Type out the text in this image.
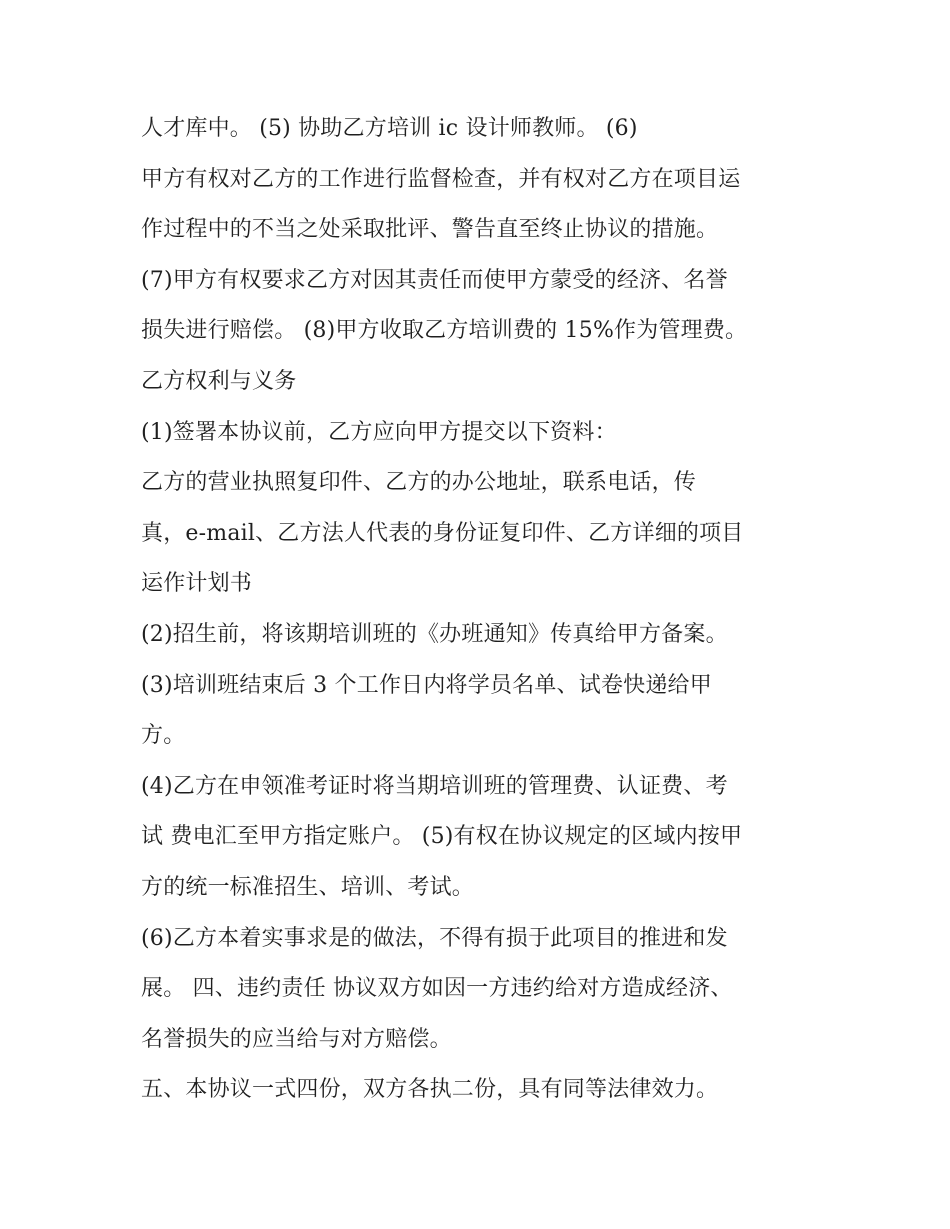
人才库中。 (5) 协助乙方培训 ic 设计师教师。 (6)

甲方有权对乙方的工作进行监督检查，并有权对乙方在项目运

作过程中的不当之处采取批评、警告直至终止协议的措施。

(7)甲方有权要求乙方对因其责任而使甲方蒙受的经济、名誉

损失进行赔偿。 (8)甲方收取乙方培训费的 15%作为管理费。

乙方权利与义务

(1)签署本协议前，乙方应向甲方提交以下资料：

乙方的营业执照复印件、乙方的办公地址，联系电话，传

真，e-mail、乙方法人代表的身份证复印件、乙方详细的项目

运作计划书

(2)招生前，将该期培训班的《办班通知》传真给甲方备案。

(3)培训班结束后 3 个工作日内将学员名单、试卷快递给甲

方。

(4)乙方在申领准考证时将当期培训班的管理费、认证费、考

试 费电汇至甲方指定账户。 (5)有权在协议规定的区域内按甲

方的统一标准招生、培训、考试。

(6)乙方本着实事求是的做法，不得有损于此项目的推进和发

展。 四、违约责任 协议双方如因一方违约给对方造成经济、

名誉损失的应当给与对方赔偿。

五、本协议一式四份，双方各执二份，具有同等法律效力。
